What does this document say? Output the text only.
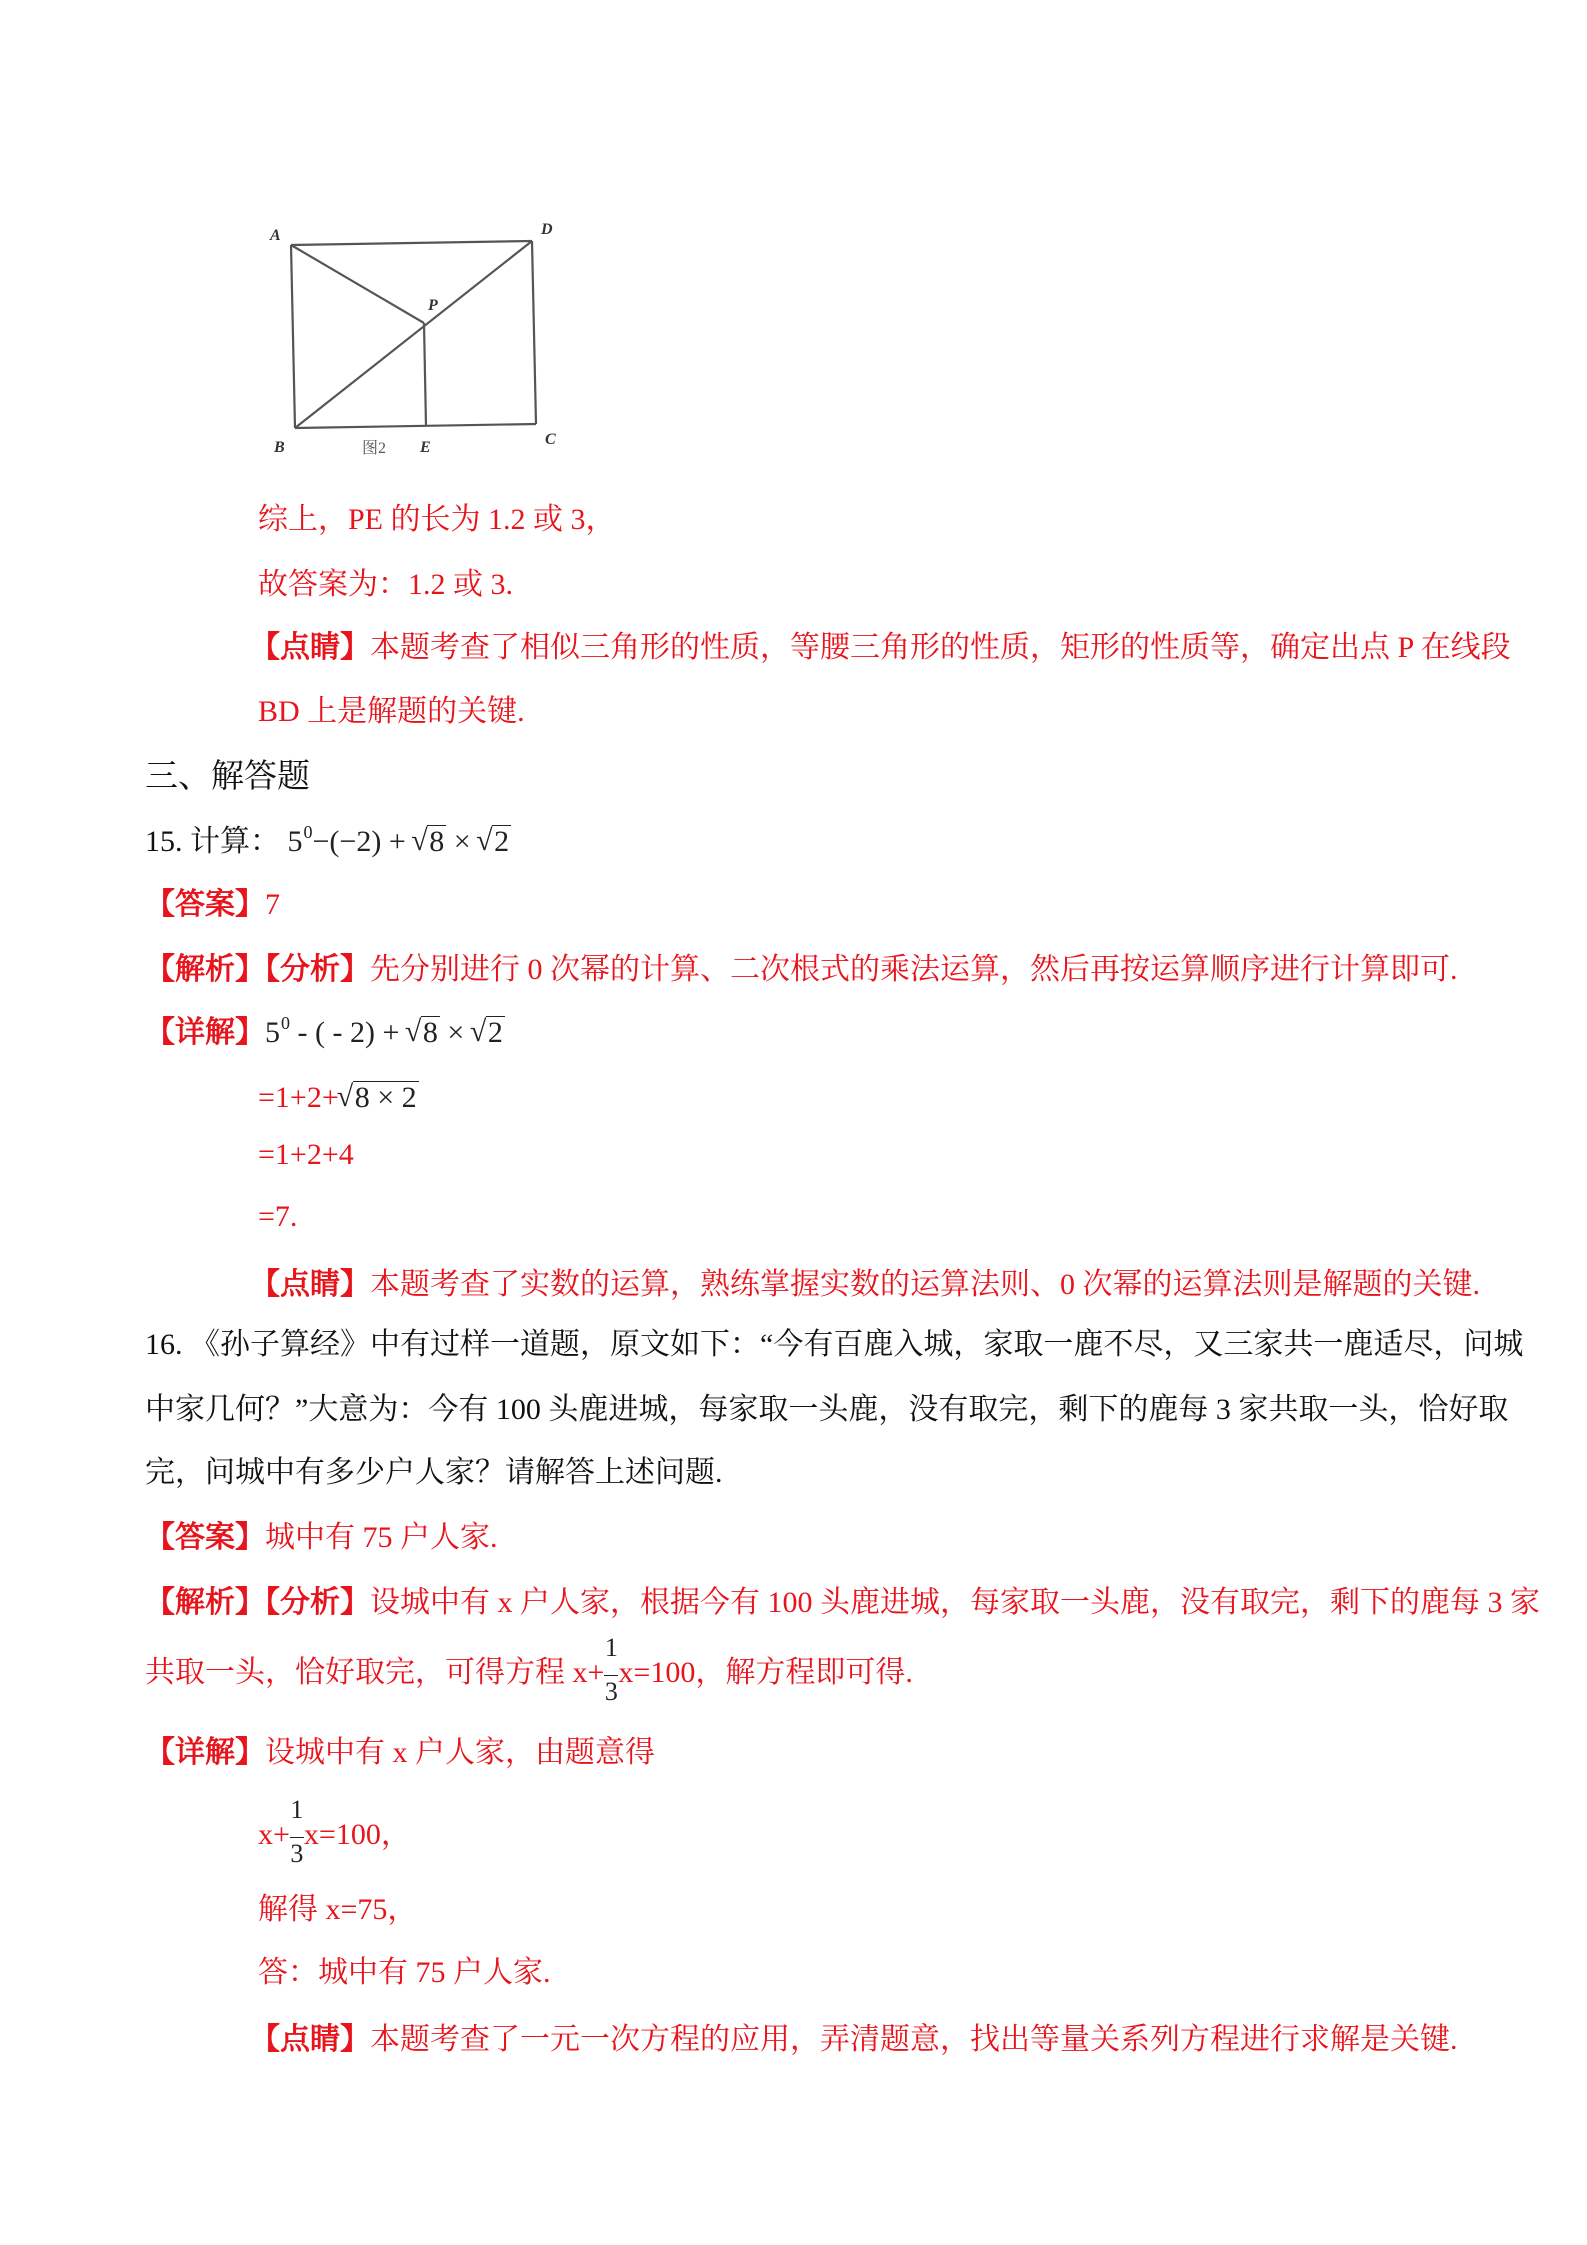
A	D
B	C
P
E
图2
综上，PE 的长为 1.2 或 3，
故答案为：1.2 或 3.
【点睛】本题考查了相似三角形的性质，等腰三角形的性质，矩形的性质等，确定出点 P 在线段
BD 上是解题的关键.
三、解答题
15. 计算： $5^0-(-2)$ + √ 8 × √ 2
【答案】7
【解析】【分析】先分别进行 0 次幂的计算、二次根式的乘法运算，然后再按运算顺序进行计算即可.
【详解】$5^0$ - ( - 2) + √ 8 × √ 2
=1+2+ √ 8 × 2
=1+2+4
=7.
【点睛】本题考查了实数的运算，熟练掌握实数的运算法则、0 次幂的运算法则是解题的关键.
16. 《孙子算经》中有过样一道题，原文如下：“今有百鹿入城，家取一鹿不尽，又三家共一鹿适尽，问城
中家几何？”大意为：今有 100 头鹿进城，每家取一头鹿，没有取完，剩下的鹿每 3 家共取一头，恰好取
完，问城中有多少户人家？请解答上述问题.
【答案】城中有 75 户人家.
【解析】【分析】设城中有 x 户人家，根据今有 100 头鹿进城，每家取一头鹿，没有取完，剩下的鹿每 3 家
共取一头，恰好取完，可得方程 $x+ \frac{1}{3} x=100$，解方程即可得.
【详解】设城中有 x 户人家，由题意得
$x+ \frac{1}{3} x=100$，
解得 x=75，
答：城中有 75 户人家.
【点睛】本题考查了一元一次方程的应用，弄清题意，找出等量关系列方程进行求解是关键.
